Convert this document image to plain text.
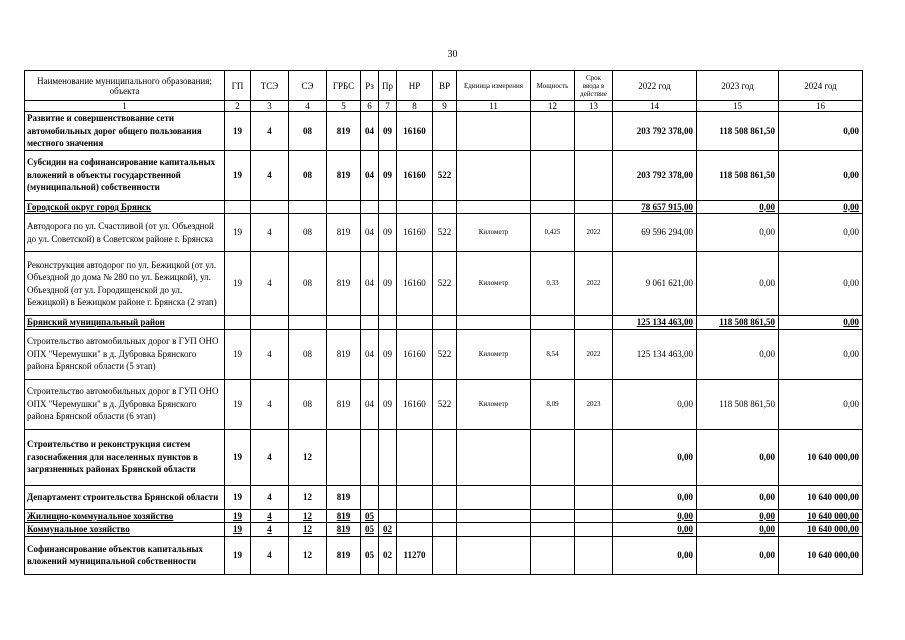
30
Наименование муниципального образования; объекта	ГП	ТСЭ	СЭ	ГРБС	Рз	Пр	НР	ВР	Единица измерения	Мощность	Срок ввода в действие	2022 год	2023 год	2024 год
1	2	3	4	5	6	7	8	9	11	12	13	14	15	16
Развитие и совершенствование сети автомобильных дорог общего пользования местного значения	19	4	08	819	04	09	16160					203 792 378,00	118 508 861,50	0,00
Субсидии на софинансирование капитальных вложений в объекты государственной (муниципальной) собственности	19	4	08	819	04	09	16160	522				203 792 378,00	118 508 861,50	0,00
Городской округ город Брянск												78 657 915,00	0,00	0,00
Автодорога по ул. Счастливой (от ул. Объездной до ул. Советской) в Советском районе г. Брянска	19	4	08	819	04	09	16160	522	Километр	0,425	2022	69 596 294,00	0,00	0,00
Реконструкция автодорог по ул. Бежицкой (от ул. Объездной до дома № 280 по ул. Бежицкой), ул. Объездной (от ул. Городищенской до ул. Бежицкой) в Бежицком районе г. Брянска (2 этап)	19	4	08	819	04	09	16160	522	Километр	0,33	2022	9 061 621,00	0,00	0,00
Брянский муниципальный район												125 134 463,00	118 508 861,50	0,00
Строительство автомобильных дорог в ГУП ОНО ОПХ "Черемушки" в д. Дубровка Брянского района Брянской области (5 этап)	19	4	08	819	04	09	16160	522	Километр	8,54	2022	125 134 463,00	0,00	0,00
Строительство автомобильных дорог в ГУП ОНО ОПХ "Черемушки" в д. Дубровка Брянского района Брянской области (6 этап)	19	4	08	819	04	09	16160	522	Километр	8,09	2023	0,00	118 508 861,50	0,00
Строительство и реконструкция систем газоснабжения для населенных пунктов в загрязненных районах Брянской области	19	4	12									0,00	0,00	10 640 000,00
Департамент строительства Брянской области	19	4	12	819								0,00	0,00	10 640 000,00
Жилищно-коммунальное хозяйство	19	4	12	819	05							0,00	0,00	10 640 000,00
Коммунальное хозяйство	19	4	12	819	05	02						0,00	0,00	10 640 000,00
Софинансирование объектов капитальных вложений муниципальной собственности	19	4	12	819	05	02	11270					0,00	0,00	10 640 000,00
